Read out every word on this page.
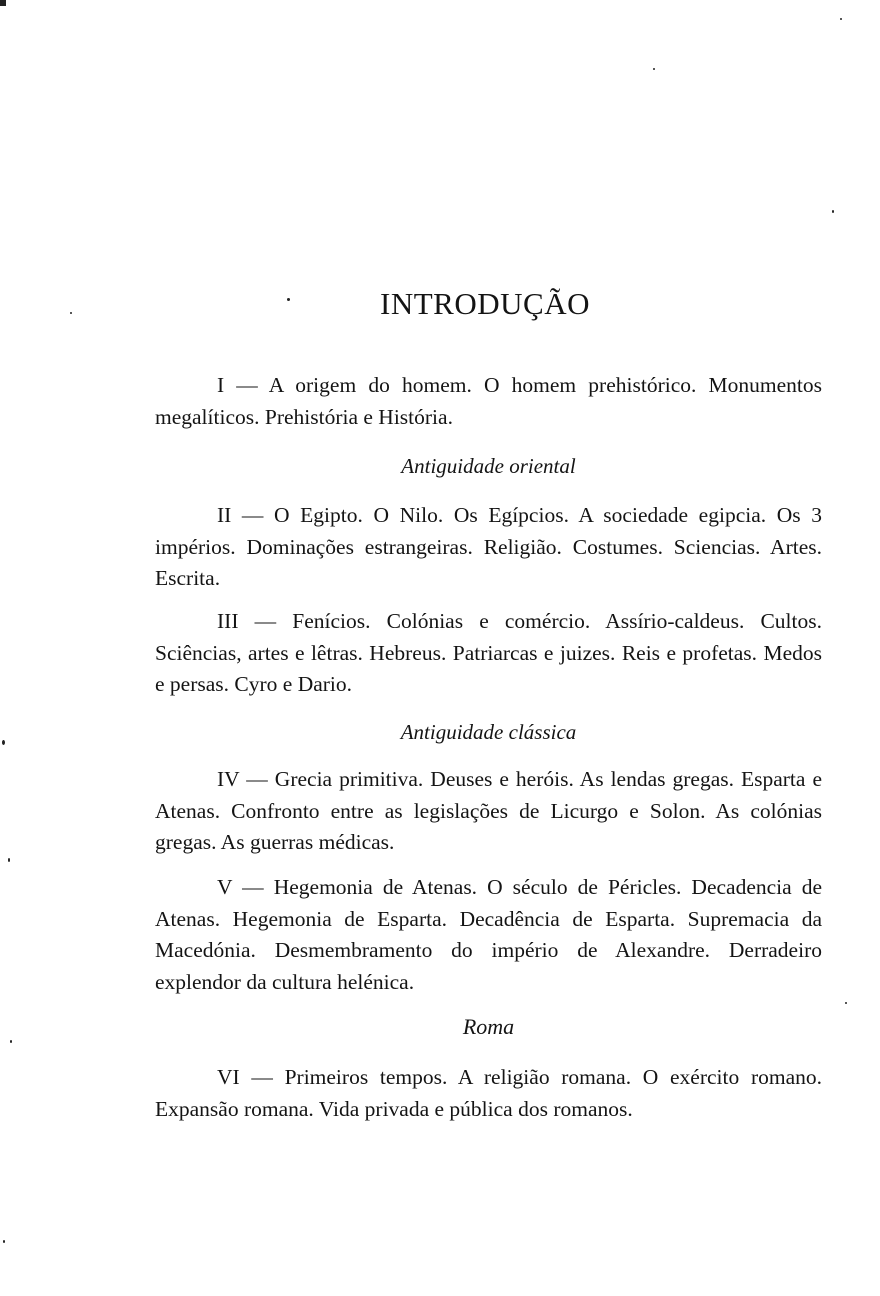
INTRODUÇÃO

I — A origem do homem. O homem prehistórico. Monumentos megalíticos. Prehistória e História.

Antiguidade oriental

II — O Egipto. O Nilo. Os Egípcios. A sociedade egipcia. Os 3 impérios. Dominações estrangeiras. Religião. Costumes. Sciencias. Artes. Escrita.

III — Fenícios. Colónias e comércio. Assírio-caldeus. Cultos. Sciências, artes e lêtras. Hebreus. Patriarcas e juizes. Reis e profetas. Medos e persas. Cyro e Dario.

Antiguidade clássica

IV — Grecia primitiva. Deuses e heróis. As lendas gregas. Esparta e Atenas. Confronto entre as legislações de Licurgo e Solon. As colónias gregas. As guerras médicas.

V — Hegemonia de Atenas. O século de Péricles. Decadencia de Atenas. Hegemonia de Esparta. Decadência de Esparta. Supremacia da Macedónia. Desmembramento do império de Alexandre. Derradeiro explendor da cultura helénica.

Roma

VI — Primeiros tempos. A religião romana. O exército romano. Expansão romana. Vida privada e pública dos romanos.
